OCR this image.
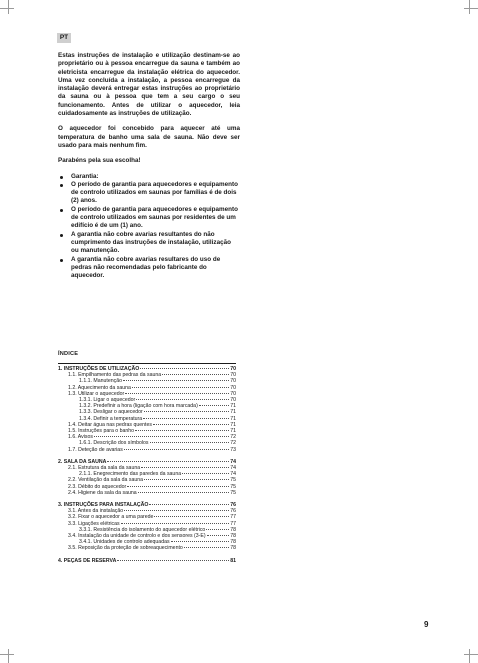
PT

Estas instruções de instalação e utilização destinam-se ao proprietário ou à pessoa encarregue da sauna e também ao eletricista encarregue da instalação elétrica do aquecedor. Uma vez concluída a instalação, a pessoa encarregue da instalação deverá entregar estas instruções ao proprietário da sauna ou à pessoa que tem a seu cargo o seu funcionamento. Antes de utilizar o aquecedor, leia cuidadosamente as instruções de utilização.

O aquecedor foi concebido para aquecer até uma temperatura de banho uma sala de sauna. Não deve ser usado para mais nenhum fim.

Parabéns pela sua escolha!

Garantia:
O período de garantia para aquecedores e equipamento de controlo utilizados em saunas por famílias é de dois (2) anos.
O período de garantia para aquecedores e equipamento de controlo utilizados em saunas por residentes de um edifício é de um (1) ano.
A garantia não cobre avarias resultantes do não cumprimento das instruções de instalação, utilização ou manutenção.
A garantia não cobre avarias resultares do uso de pedras não recomendadas pelo fabricante do aquecedor.
ÍNDICE
1. INSTRUÇÕES DE UTILIZAÇÃO	70
1.1. Empilhamento das pedras da sauna	70
1.1.1. Manutenção	70
1.2. Aquecimento da sauna	70
1.3. Utilizar o aquecedor	70
1.3.1. Ligar o aquecedor	70
1.3.2. Predefinir a hora (ligação com hora marcada)	71
1.3.3. Desligar o aquecedor	71
1.3.4. Definir a temperatura	71
1.4. Deitar água nas pedras quentes	71
1.5. Instruções para o banho	71
1.6. Avisos	72
1.6.1. Descrição dos símbolos	72
1.7. Deteção de avarias	73
2. SALA DA SAUNA	74
2.1. Estrutura da sala da sauna	74
2.1.1. Enegrecimento das paredes da sauna	74
2.2. Ventilação da sala da sauna	75
2.3. Débito do aquecedor	75
2.4. Higiene da sala da sauna	75
3. INSTRUÇÕES PARA INSTALAÇÃO	76
3.1. Antes da instalação	76
3.2. Fixar o aquecedor a uma parede	77
3.3. Ligações elétricas	77
3.3.1. Resistência do isolamento do aquecedor elétrico	78
3.4. Instalação da unidade de controlo e dos sensores (3-E)	78
3.4.1. Unidades de controlo adequadas	78
3.5. Reposição da proteção de sobreaquecimento	78
4. PEÇAS DE RESERVA	81
9
